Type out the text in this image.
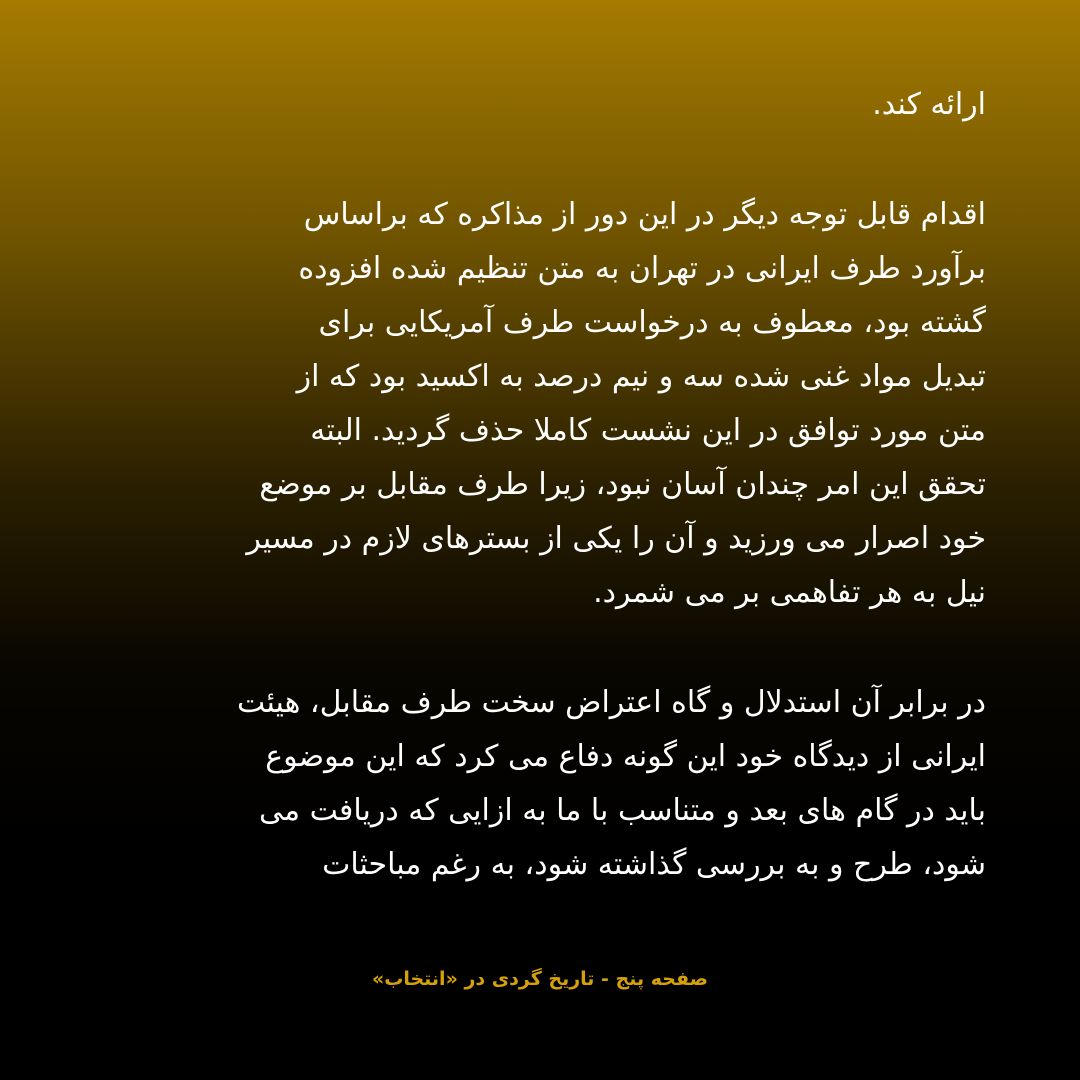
ارائه کند.

اقدام قابل توجه دیگر در این دور از مذاکره که براساس
برآورد طرف ایرانی در تهران به متن تنظیم شده افزوده
گشته بود، معطوف به درخواست طرف آمریکایی برای
تبدیل مواد غنی شده سه و نیم درصد به اکسید بود که از
متن مورد توافق در این نشست کاملا حذف گردید. البته
تحقق این امر چندان آسان نبود، زیرا طرف مقابل بر موضع
خود اصرار می ورزید و آن را یکی از بسترهای لازم در مسیر
نیل به هر تفاهمی بر می شمرد.

در برابر آن استدلال و گاه اعتراض سخت طرف مقابل، هیئت
ایرانی از دیدگاه خود این گونه دفاع می کرد که این موضوع
باید در گام های بعد و متناسب با ما به ازایی که دریافت می
شود، طرح و به بررسی گذاشته شود، به رغم مباحثات

صفحه پنج - تاریخ گردی در «انتخاب»
